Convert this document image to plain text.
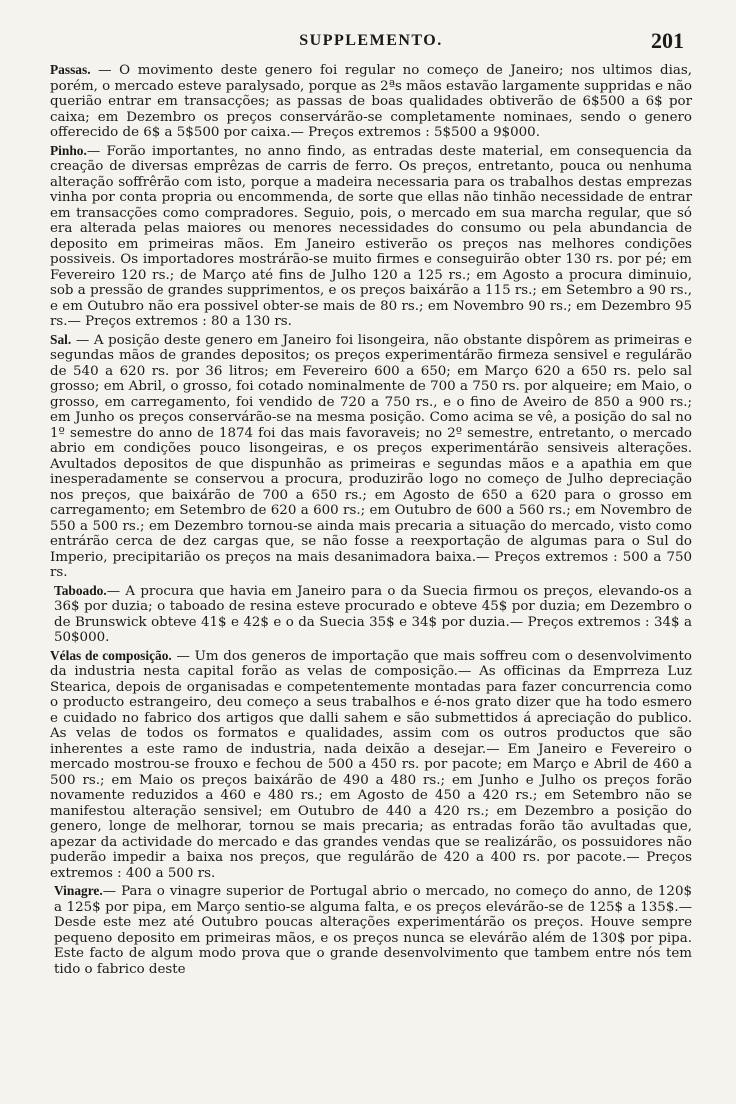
SUPPLEMENTO.	201

Passas. — O movimento deste genero foi regular no começo de Janeiro; nos ultimos dias, porém, o mercado esteve paralysado, porque as 2ªs mãos estavão largamente suppridas e não querião entrar em transacções; as passas de boas qualidades obtiverão de 6$500 a 6$ por caixa; em Dezembro os preços conservárão-se completamente nominaes, sendo o genero offerecido de 6$ a 5$500 por caixa.— Preços extremos : 5$500 a 9$000.

Pinho.— Forão importantes, no anno findo, as entradas deste material, em consequencia da creação de diversas emprêzas de carris de ferro. Os preços, entretanto, pouca ou nenhuma alteração soffrêrão com isto, porque a madeira necessaria para os trabalhos destas emprezas vinha por conta propria ou encommenda, de sorte que ellas não tinhão necessidade de entrar em transacções como compradores. Seguio, pois, o mercado em sua marcha regular, que só era alterada pelas maiores ou menores necessidades do consumo ou pela abundancia de deposito em primeiras mãos. Em Janeiro estiverão os preços nas melhores condições possiveis. Os importadores mostrárão-se muito firmes e conseguirão obter 130 rs. por pé; em Fevereiro 120 rs.; de Março até fins de Julho 120 a 125 rs.; em Agosto a procura diminuio, sob a pressão de grandes supprimentos, e os preços baixárão a 115 rs.; em Setembro a 90 rs., e em Outubro não era possivel obter-se mais de 80 rs.; em Novembro 90 rs.; em Dezembro 95 rs.— Preços extremos : 80 a 130 rs.

Sal. — A posição deste genero em Janeiro foi lisongeira, não obstante dispôrem as primeiras e segundas mãos de grandes depositos; os preços experimentárão firmeza sensivel e regulárão de 540 a 620 rs. por 36 litros; em Fevereiro 600 a 650; em Março 620 a 650 rs. pelo sal grosso; em Abril, o grosso, foi cotado nominalmente de 700 a 750 rs. por alqueire; em Maio, o grosso, em carregamento, foi vendido de 720 a 750 rs., e o fino de Aveiro de 850 a 900 rs.; em Junho os preços conservárão-se na mesma posição. Como acima se vê, a posição do sal no 1º semestre do anno de 1874 foi das mais favoraveis; no 2º semestre, entretanto, o mercado abrio em condições pouco lisongeiras, e os preços experimentárão sensiveis alterações. Avultados depositos de que dispunhão as primeiras e segundas mãos e a apathia em que inesperadamente se conservou a procura, produzirão logo no começo de Julho depreciação nos preços, que baixárão de 700 a 650 rs.; em Agosto de 650 a 620 para o grosso em carregamento; em Setembro de 620 a 600 rs.; em Outubro de 600 a 560 rs.; em Novembro de 550 a 500 rs.; em Dezembro tornou-se ainda mais precaria a situação do mercado, visto como entrárão cerca de dez cargas que, se não fosse a reexportação de algumas para o Sul do Imperio, precipitarião os preços na mais desanimadora baixa.— Preços extremos : 500 a 750 rs.

Taboado.— A procura que havia em Janeiro para o da Suecia firmou os preços, elevando-os a 36$ por duzia; o taboado de resina esteve procurado e obteve 45$ por duzia; em Dezembro o de Brunswick obteve 41$ e 42$ e o da Suecia 35$ e 34$ por duzia.— Preços extremos : 34$ a 50$000.

Vélas de composição. — Um dos generos de importação que mais soffreu com o desenvolvimento da industria nesta capital forão as velas de composição.— As officinas da Emprreza Luz Stearica, depois de organisadas e competentemente montadas para fazer concurrencia como o producto estrangeiro, deu começo a seus trabalhos e é-nos grato dizer que ha todo esmero e cuidado no fabrico dos artigos que dalli sahem e são submettidos á apreciação do publico. As velas de todos os formatos e qualidades, assim com os outros productos que são inherentes a este ramo de industria, nada deixão a desejar.— Em Janeiro e Fevereiro o mercado mostrou-se frouxo e fechou de 500 a 450 rs. por pacote; em Março e Abril de 460 a 500 rs.; em Maio os preços baixárão de 490 a 480 rs.; em Junho e Julho os preços forão novamente reduzidos a 460 e 480 rs.; em Agosto de 450 a 420 rs.; em Setembro não se manifestou alteração sensivel; em Outubro de 440 a 420 rs.; em Dezembro a posição do genero, longe de melhorar, tornou se mais precaria; as entradas forão tão avultadas que, apezar da actividade do mercado e das grandes vendas que se realizárão, os possuidores não puderão impedir a baixa nos preços, que regulárão de 420 a 400 rs. por pacote.— Preços extremos : 400 a 500 rs.

Vinagre.— Para o vinagre superior de Portugal abrio o mercado, no começo do anno, de 120$ a 125$ por pipa, em Março sentio-se alguma falta, e os preços elevárão-se de 125$ a 135$.— Desde este mez até Outubro poucas alterações experimentárão os preços. Houve sempre pequeno deposito em primeiras mãos, e os preços nunca se elevárão além de 130$ por pipa. Este facto de algum modo prova que o grande desenvolvimento que tambem entre nós tem tido o fabrico deste
